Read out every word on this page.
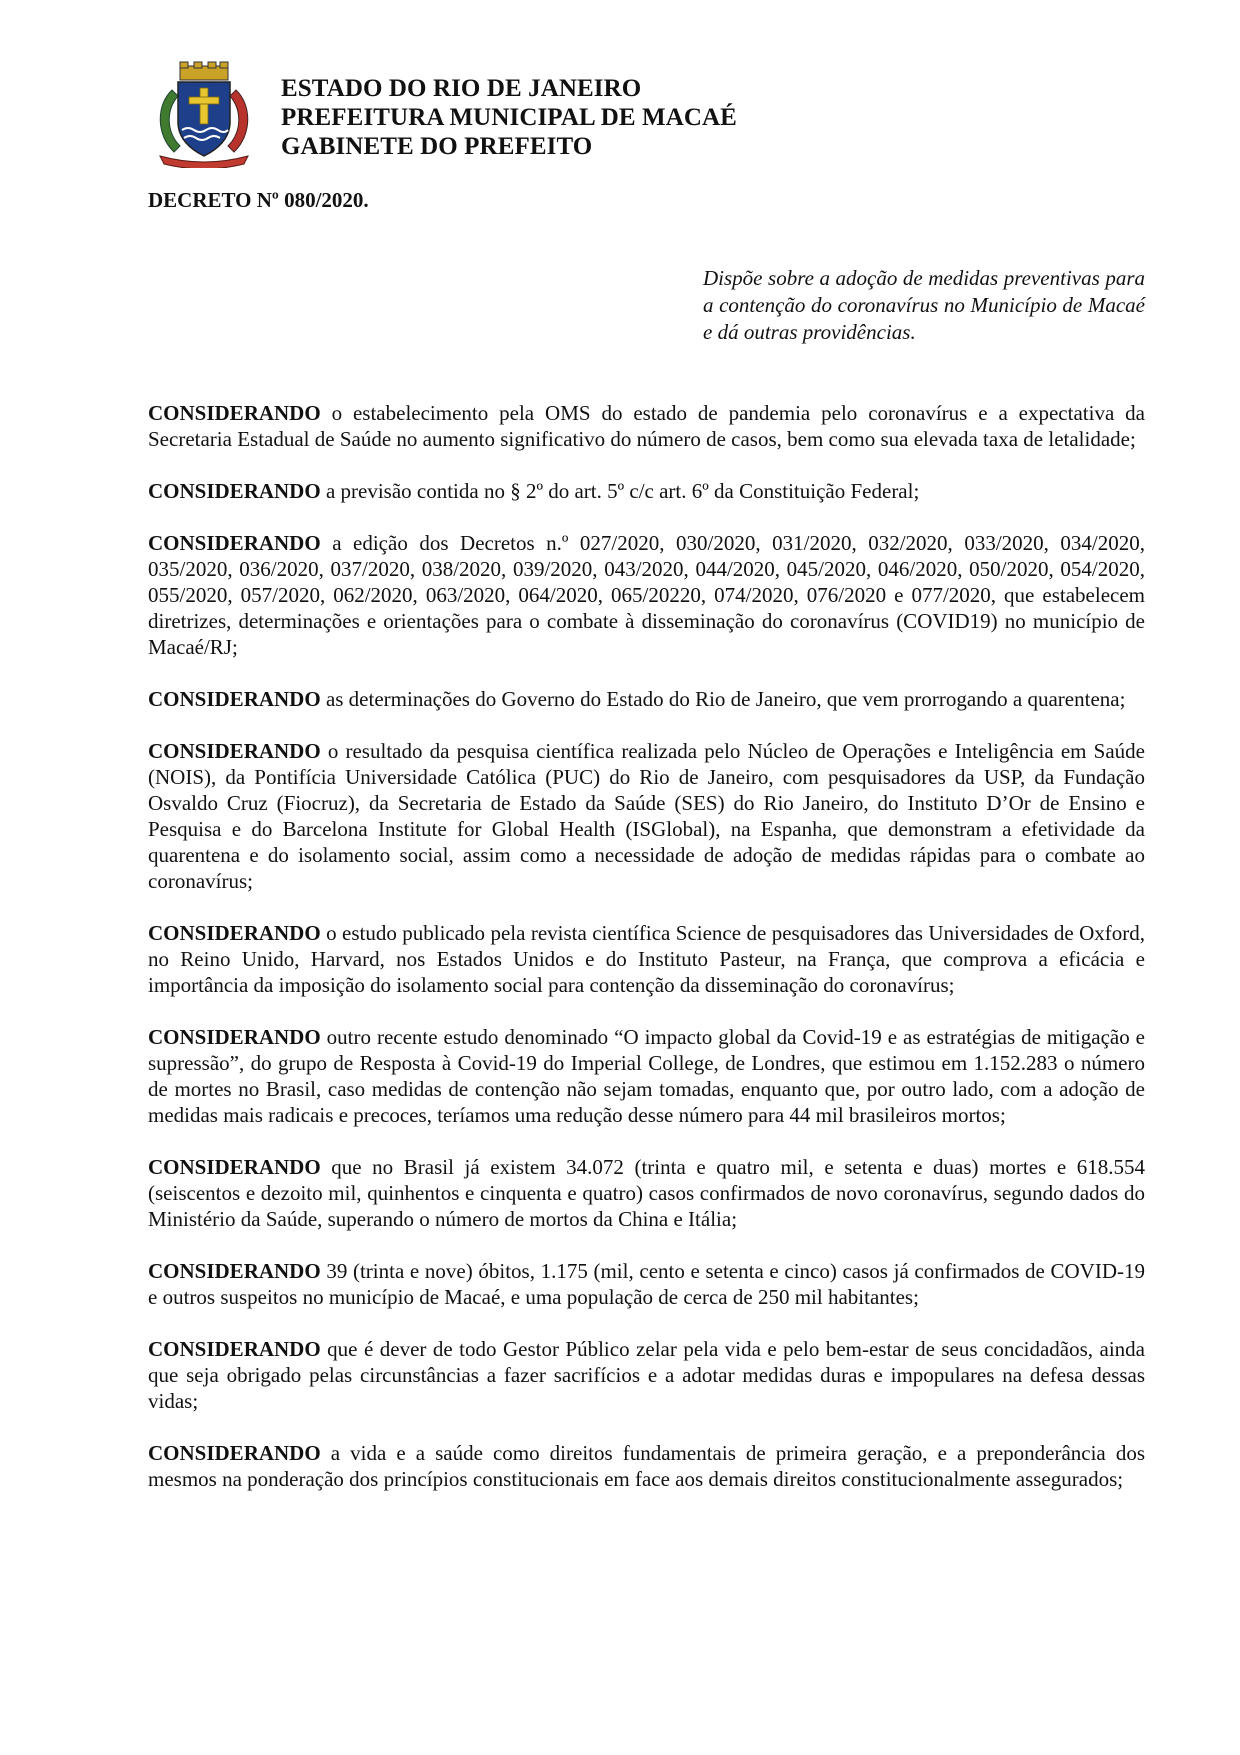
ESTADO DO RIO DE JANEIRO
PREFEITURA MUNICIPAL DE MACAÉ
GABINETE DO PREFEITO
DECRETO Nº 080/2020.
Dispõe sobre a adoção de medidas preventivas para a contenção do coronavírus no Município de Macaé e dá outras providências.

CONSIDERANDO o estabelecimento pela OMS do estado de pandemia pelo coronavírus e a expectativa da Secretaria Estadual de Saúde no aumento significativo do número de casos, bem como sua elevada taxa de letalidade;

CONSIDERANDO a previsão contida no § 2º do art. 5º c/c art. 6º da Constituição Federal;

CONSIDERANDO a edição dos Decretos n.º 027/2020, 030/2020, 031/2020, 032/2020, 033/2020, 034/2020, 035/2020, 036/2020, 037/2020, 038/2020, 039/2020, 043/2020, 044/2020, 045/2020, 046/2020, 050/2020, 054/2020, 055/2020, 057/2020, 062/2020, 063/2020, 064/2020, 065/20220, 074/2020, 076/2020 e 077/2020, que estabelecem diretrizes, determinações e orientações para o combate à disseminação do coronavírus (COVID19) no município de Macaé/RJ;

CONSIDERANDO as determinações do Governo do Estado do Rio de Janeiro, que vem prorrogando a quarentena;

CONSIDERANDO o resultado da pesquisa científica realizada pelo Núcleo de Operações e Inteligência em Saúde (NOIS), da Pontifícia Universidade Católica (PUC) do Rio de Janeiro, com pesquisadores da USP, da Fundação Osvaldo Cruz (Fiocruz), da Secretaria de Estado da Saúde (SES) do Rio Janeiro, do Instituto D’Or de Ensino e Pesquisa e do Barcelona Institute for Global Health (ISGlobal), na Espanha, que demonstram a efetividade da quarentena e do isolamento social, assim como a necessidade de adoção de medidas rápidas para o combate ao coronavírus;

CONSIDERANDO o estudo publicado pela revista científica Science de pesquisadores das Universidades de Oxford, no Reino Unido, Harvard, nos Estados Unidos e do Instituto Pasteur, na França, que comprova a eficácia e importância da imposição do isolamento social para contenção da disseminação do coronavírus;

CONSIDERANDO outro recente estudo denominado “O impacto global da Covid-19 e as estratégias de mitigação e supressão”, do grupo de Resposta à Covid-19 do Imperial College, de Londres, que estimou em 1.152.283 o número de mortes no Brasil, caso medidas de contenção não sejam tomadas, enquanto que, por outro lado, com a adoção de medidas mais radicais e precoces, teríamos uma redução desse número para 44 mil brasileiros mortos;

CONSIDERANDO que no Brasil já existem 34.072 (trinta e quatro mil, e setenta e duas) mortes e 618.554 (seiscentos e dezoito mil, quinhentos e cinquenta e quatro) casos confirmados de novo coronavírus, segundo dados do Ministério da Saúde, superando o número de mortos da China e Itália;

CONSIDERANDO 39 (trinta e nove) óbitos, 1.175 (mil, cento e setenta e cinco) casos já confirmados de COVID-19 e outros suspeitos no município de Macaé, e uma população de cerca de 250 mil habitantes;

CONSIDERANDO que é dever de todo Gestor Público zelar pela vida e pelo bem-estar de seus concidadãos, ainda que seja obrigado pelas circunstâncias a fazer sacrifícios e a adotar medidas duras e impopulares na defesa dessas vidas;

CONSIDERANDO a vida e a saúde como direitos fundamentais de primeira geração, e a preponderância dos mesmos na ponderação dos princípios constitucionais em face aos demais direitos constitucionalmente assegurados;
